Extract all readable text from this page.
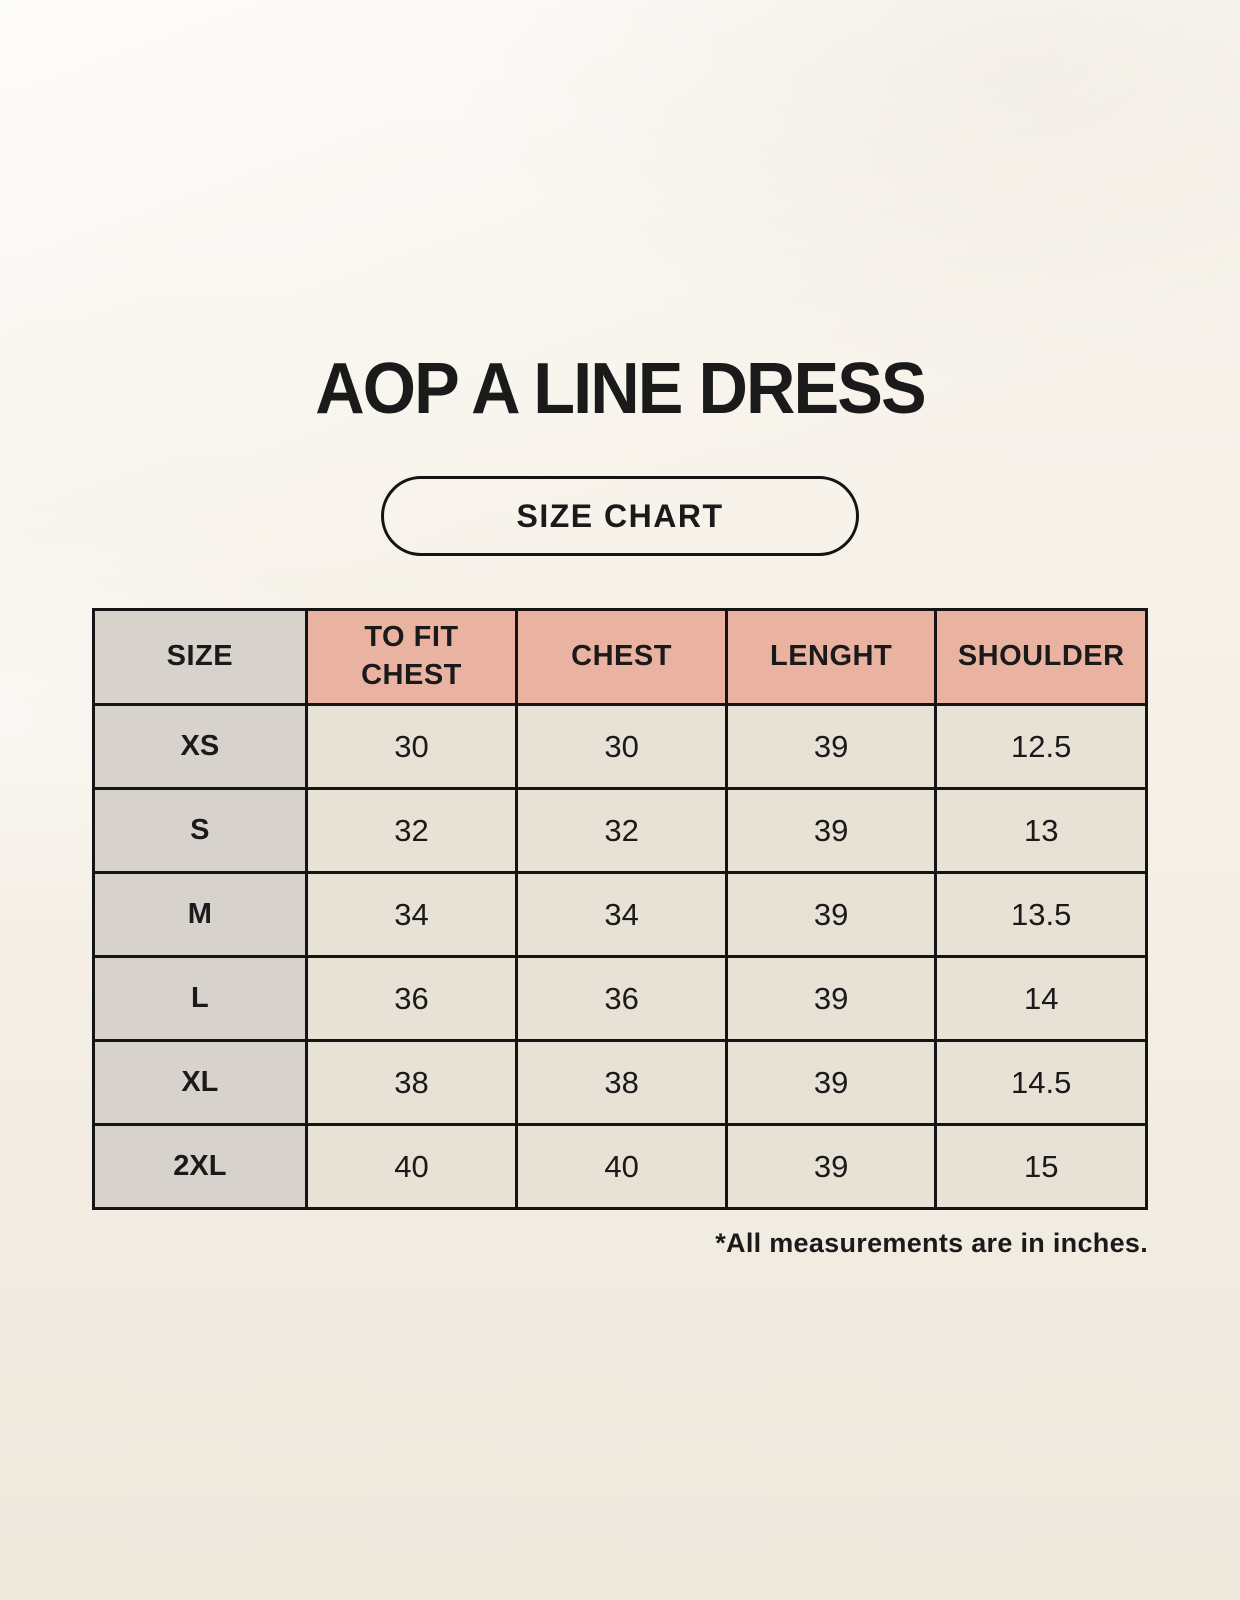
AOP A LINE DRESS
SIZE CHART
SIZE	TO FIT CHEST	CHEST	LENGHT	SHOULDER
XS	30	30	39	12.5
S	32	32	39	13
M	34	34	39	13.5
L	36	36	39	14
XL	38	38	39	14.5
2XL	40	40	39	15
*All measurements are in inches.
